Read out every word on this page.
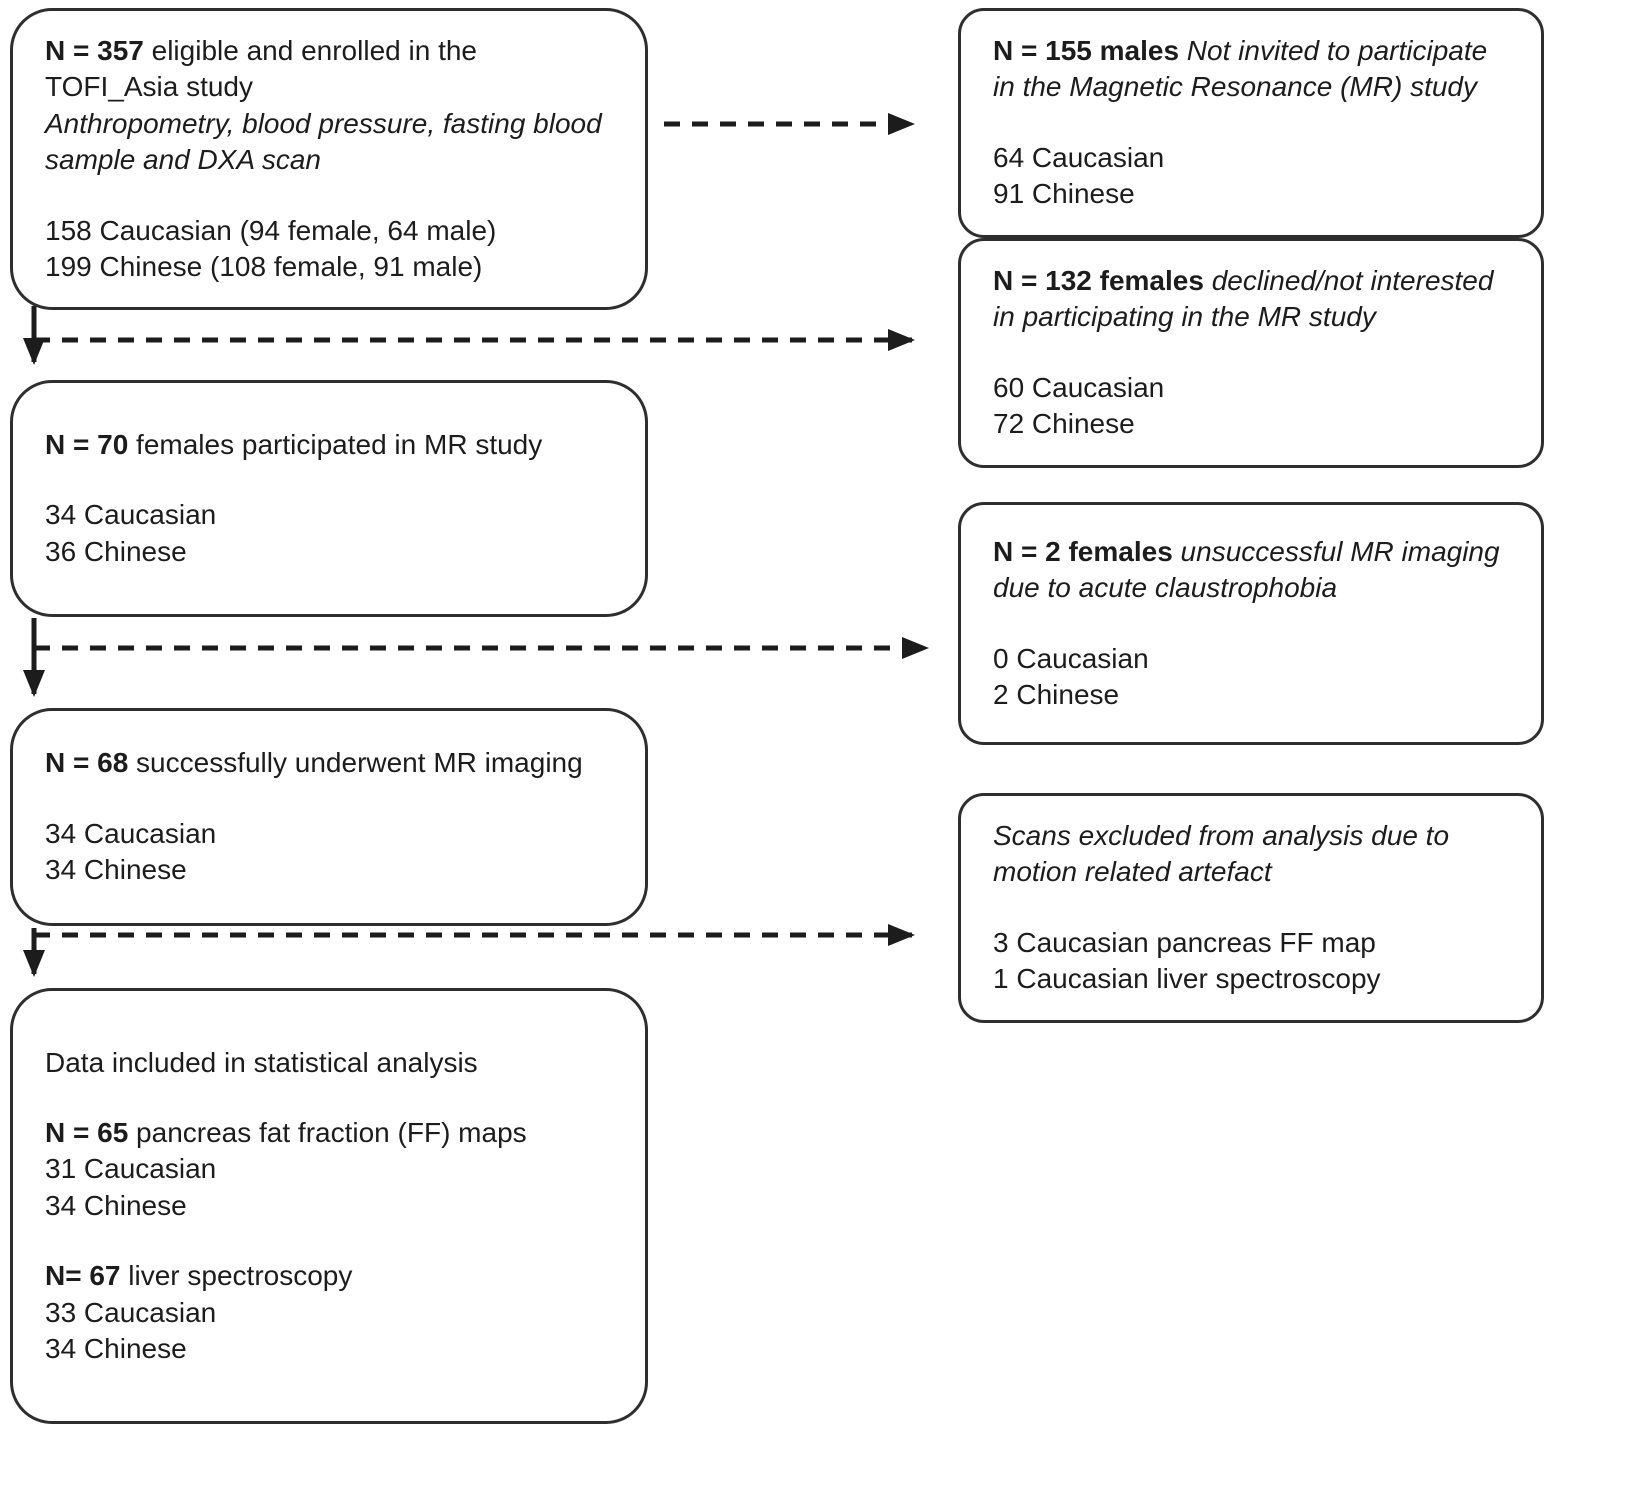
N = 357 eligible and enrolled in the TOFI_Asia study

Anthropometry, blood pressure, fasting blood sample and DXA scan

158 Caucasian (94 female, 64 male)

199 Chinese (108 female, 91 male)

N = 70 females participated in MR study

34 Caucasian

36 Chinese

N = 68 successfully underwent MR imaging

34 Caucasian

34 Chinese

Data included in statistical analysis

N = 65 pancreas fat fraction (FF) maps

31 Caucasian

34 Chinese

N= 67 liver spectroscopy

33 Caucasian

34 Chinese

N = 155 males Not invited to participate in the Magnetic Resonance (MR) study

64 Caucasian

91 Chinese

N = 132 females declined/not interested in participating in the MR study

60 Caucasian

72 Chinese

N = 2 females unsuccessful MR imaging due to acute claustrophobia

0 Caucasian

2 Chinese

Scans excluded from analysis due to motion related artefact

3 Caucasian pancreas FF map

1 Caucasian liver spectroscopy
